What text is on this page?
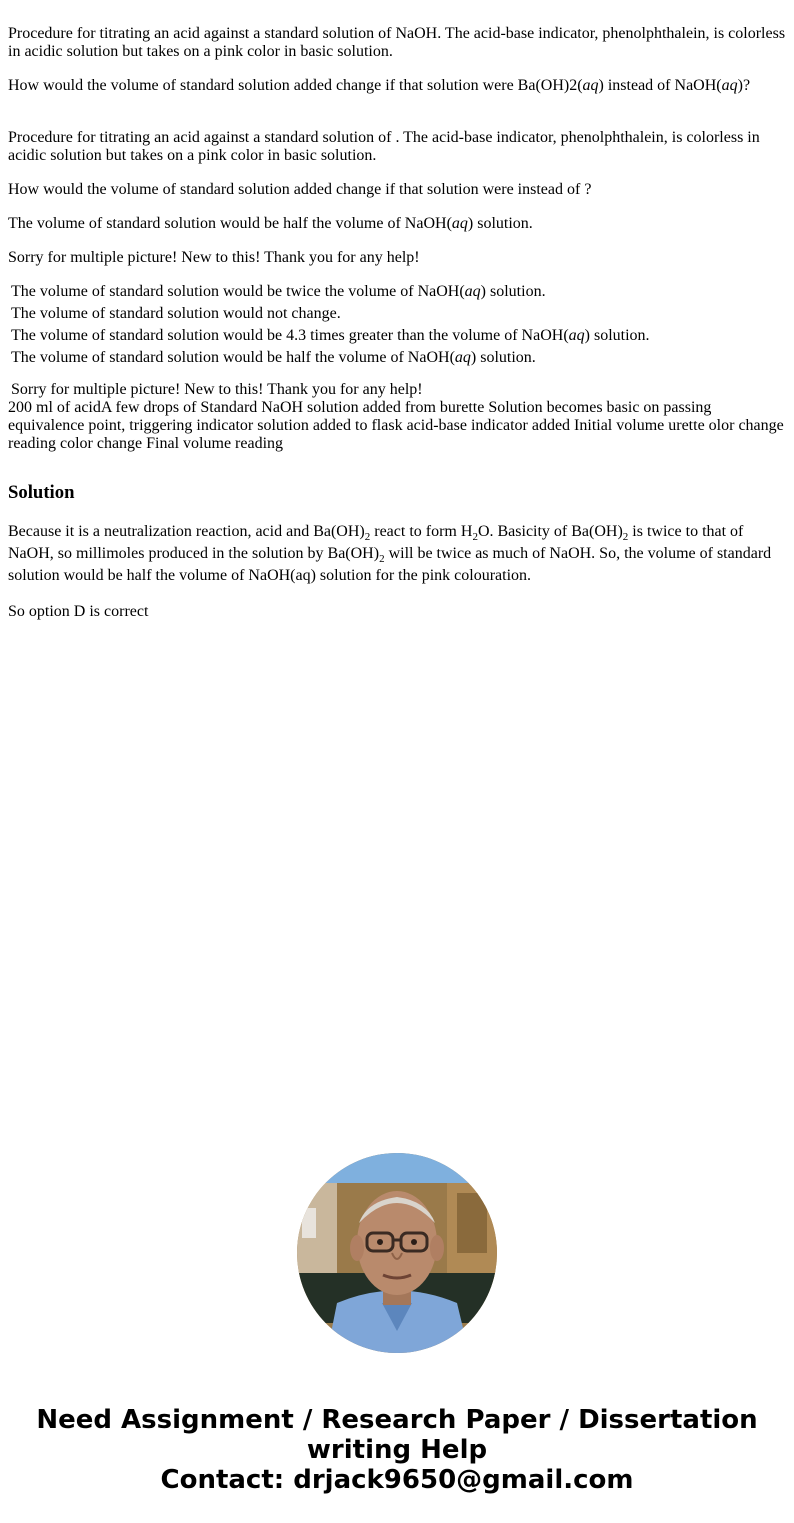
Procedure for titrating an acid against a standard solution of NaOH. The acid-base indicator, phenolphthalein, is colorless in acidic solution but takes on a pink color in basic solution.

How would the volume of standard solution added change if that solution were Ba(OH)2(aq) instead of NaOH(aq)?

Procedure for titrating an acid against a standard solution of . The acid-base indicator, phenolphthalein, is colorless in acidic solution but takes on a pink color in basic solution.

How would the volume of standard solution added change if that solution were instead of ?

The volume of standard solution would be half the volume of NaOH(aq) solution.

Sorry for multiple picture! New to this! Thank you for any help!

The volume of standard solution would be twice the volume of NaOH(aq) solution.
The volume of standard solution would not change.
The volume of standard solution would be 4.3 times greater than the volume of NaOH(aq) solution.
The volume of standard solution would be half the volume of NaOH(aq) solution.
Sorry for multiple picture! New to this! Thank you for any help!
200 ml of acidA few drops of Standard NaOH solution added from burette Solution becomes basic on passing equivalence point, triggering indicator solution added to flask acid-base indicator added Initial volume urette olor change reading color change Final volume reading
Solution

Because it is a neutralization reaction, acid and $Ba(OH)_2$ react to form $H_2O$. Basicity of $Ba(OH)_2$ is twice to that of NaOH, so millimoles produced in the solution by $Ba(OH)_2$ will be twice as much of NaOH. So, the volume of standard solution would be half the volume of NaOH(aq) solution for the pink colouration.

So option D is correct

Need Assignment / Research Paper / Dissertation
writing Help
Contact: drjack9650@gmail.com
